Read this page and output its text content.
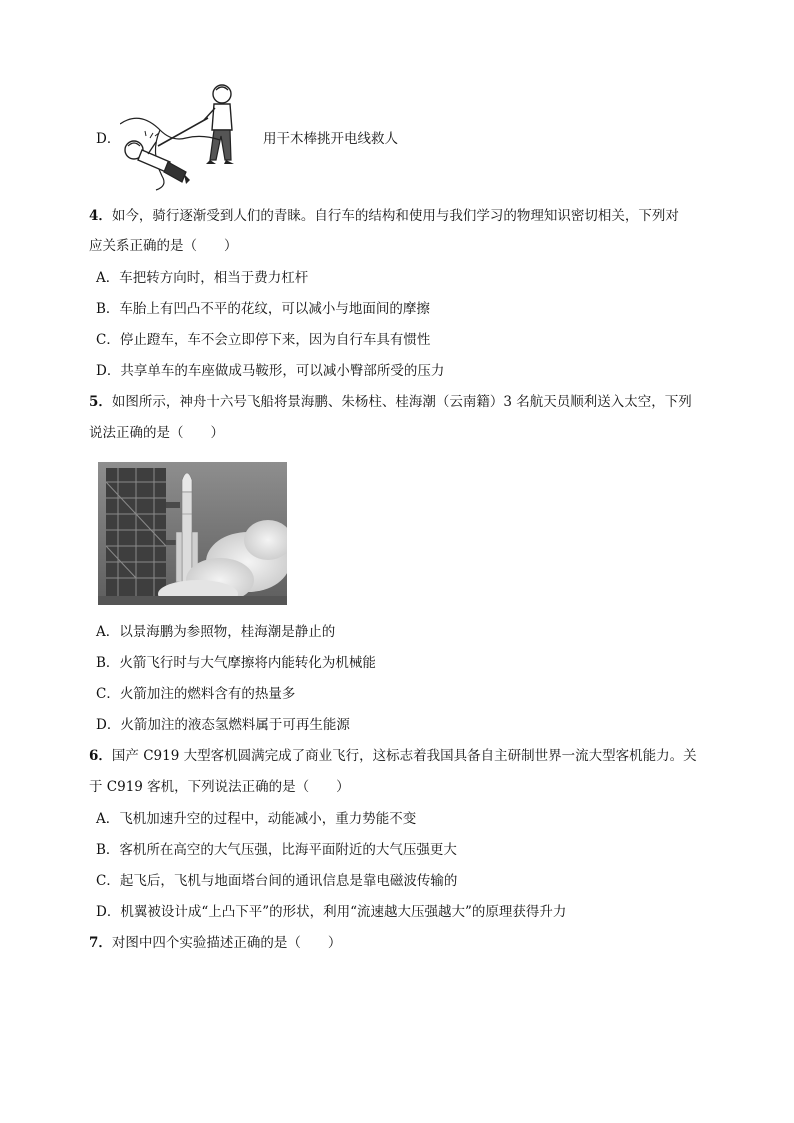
D．	用干木棒挑开电线救人
4．如今，骑行逐渐受到人们的青睐。自行车的结构和使用与我们学习的物理知识密切相关，下列对
应关系正确的是（　　）
A．车把转方向时，相当于费力杠杆
B．车胎上有凹凸不平的花纹，可以减小与地面间的摩擦
C．停止蹬车，车不会立即停下来，因为自行车具有惯性
D．共享单车的车座做成马鞍形，可以减小臀部所受的压力
5．如图所示，神舟十六号飞船将景海鹏、朱杨柱、桂海潮（云南籍）3 名航天员顺利送入太空，下列
说法正确的是（　　）
A．以景海鹏为参照物，桂海潮是静止的
B．火箭飞行时与大气摩擦将内能转化为机械能
C．火箭加注的燃料含有的热量多
D．火箭加注的液态氢燃料属于可再生能源
6．国产 C919 大型客机圆满完成了商业飞行，这标志着我国具备自主研制世界一流大型客机能力。关
于 C919 客机，下列说法正确的是（　　）
A．飞机加速升空的过程中，动能减小，重力势能不变
B．客机所在高空的大气压强，比海平面附近的大气压强更大
C．起飞后，飞机与地面塔台间的通讯信息是靠电磁波传输的
D．机翼被设计成“上凸下平”的形状，利用“流速越大压强越大”的原理获得升力
7．对图中四个实验描述正确的是（　　）
